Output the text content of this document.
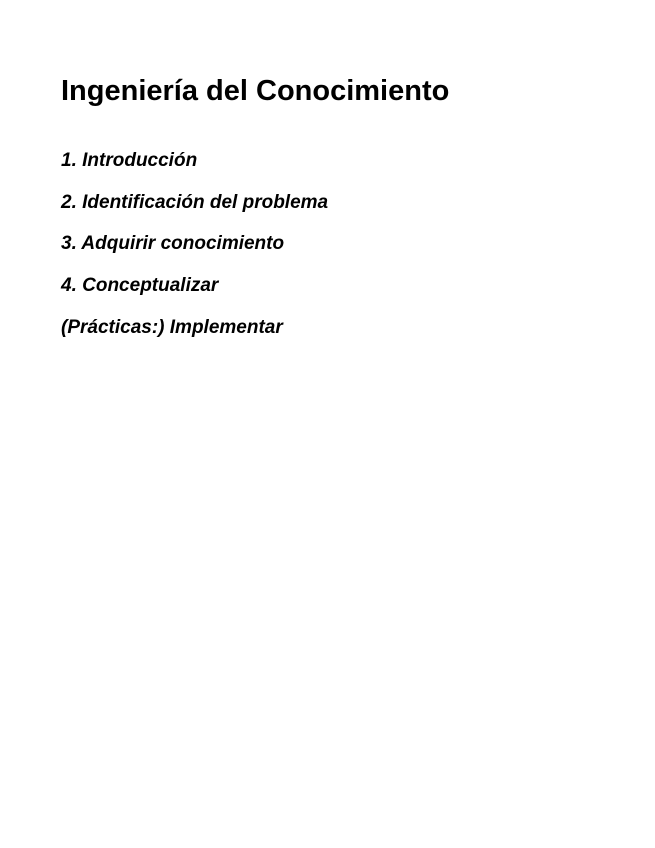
Ingeniería del Conocimiento
1. Introducción
2. Identificación del problema
3. Adquirir conocimiento
4. Conceptualizar
(Prácticas:) Implementar
